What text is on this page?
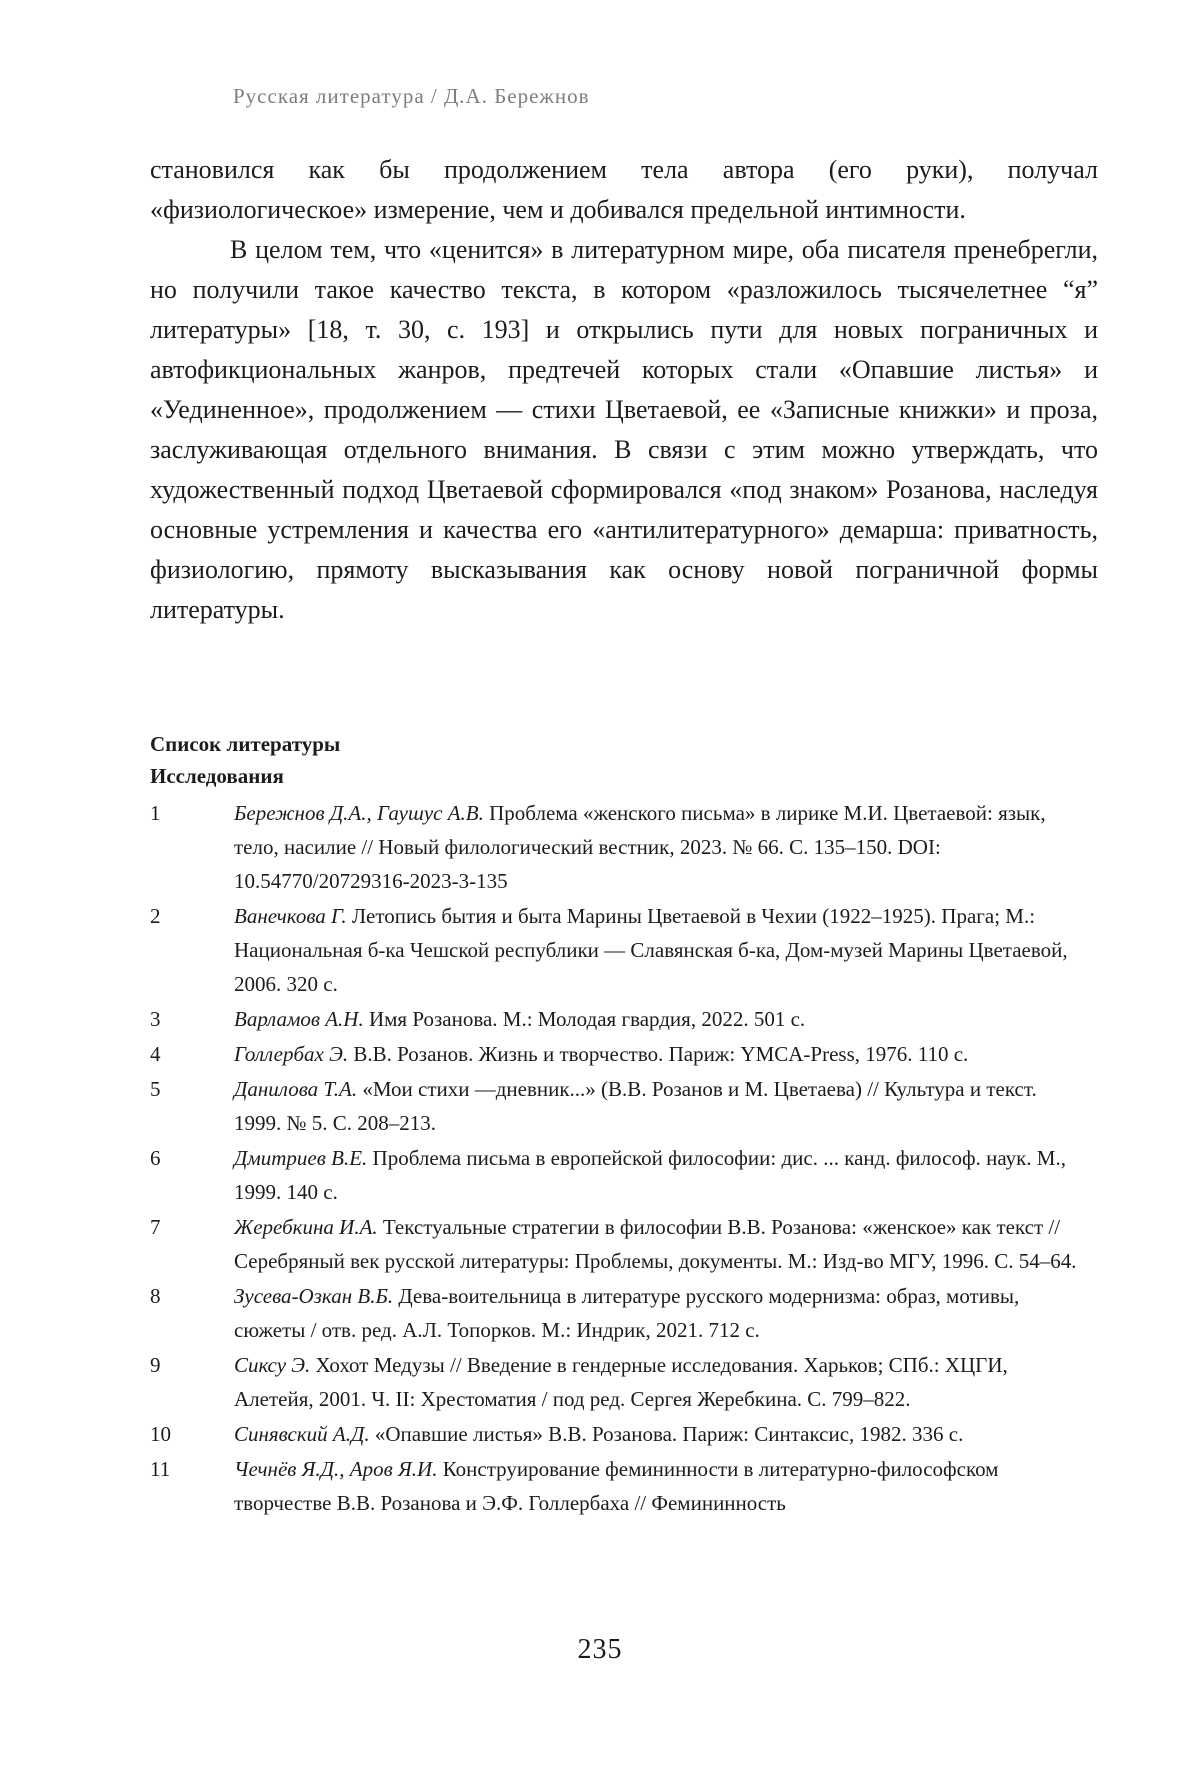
Русская литература / Д.А. Бережнов

становился как бы продолжением тела автора (его руки), получал «физиологическое» измерение, чем и добивался предельной интимности.

В целом тем, что «ценится» в литературном мире, оба писателя пренебрегли, но получили такое качество текста, в котором «разложилось тысячелетнее “я” литературы» [18, т. 30, с. 193] и открылись пути для новых пограничных и автофикциональных жанров, предтечей которых стали «Опавшие листья» и «Уединенное», продолжением — стихи Цветаевой, ее «Записные книжки» и проза, заслуживающая отдельного внимания. В связи с этим можно утверждать, что художественный подход Цветаевой сформировался «под знаком» Розанова, наследуя основные устремления и качества его «антилитературного» демарша: приватность, физиологию, прямоту высказывания как основу новой пограничной формы литературы.

Список литературы
Исследования
1	Бережнов Д.А., Гаушус А.В. Проблема «женского письма» в лирике М.И. Цветаевой: язык, тело, насилие // Новый филологический вестник, 2023. № 66. С. 135–150. DOI: 10.54770/20729316-2023-3-135
2	Ванечкова Г. Летопись бытия и быта Марины Цветаевой в Чехии (1922–1925). Прага; М.: Национальная б-ка Чешской республики — Славянская б-ка, Дом-музей Марины Цветаевой, 2006. 320 с.
3	Варламов А.Н. Имя Розанова. М.: Молодая гвардия, 2022. 501 с.
4	Голлербах Э. В.В. Розанов. Жизнь и творчество. Париж: YMCA-Press, 1976. 110 с.
5	Данилова Т.А. «Мои стихи —дневник...» (В.В. Розанов и М. Цветаева) // Культура и текст. 1999. № 5. С. 208–213.
6	Дмитриев В.Е. Проблема письма в европейской философии: дис. ... канд. философ. наук. М., 1999. 140 с.
7	Жеребкина И.А. Текстуальные стратегии в философии В.В. Розанова: «женское» как текст // Серебряный век русской литературы: Проблемы, документы. М.: Изд-во МГУ, 1996. С. 54–64.
8	Зусева-Озкан В.Б. Дева-воительница в литературе русского модернизма: образ, мотивы, сюжеты / отв. ред. А.Л. Топорков. М.: Индрик, 2021. 712 с.
9	Сиксу Э. Хохот Медузы // Введение в гендерные исследования. Харьков; СПб.: ХЦГИ, Алетейя, 2001. Ч. II: Хрестоматия / под ред. Сергея Жеребкина. С. 799–822.
10	Синявский А.Д. «Опавшие листья» В.В. Розанова. Париж: Синтаксис, 1982. 336 с.
11	Чечнёв Я.Д., Аров Я.И. Конструирование фемининности в литературно-философском творчестве В.В. Розанова и Э.Ф. Голлербаха // Фемининность
235
